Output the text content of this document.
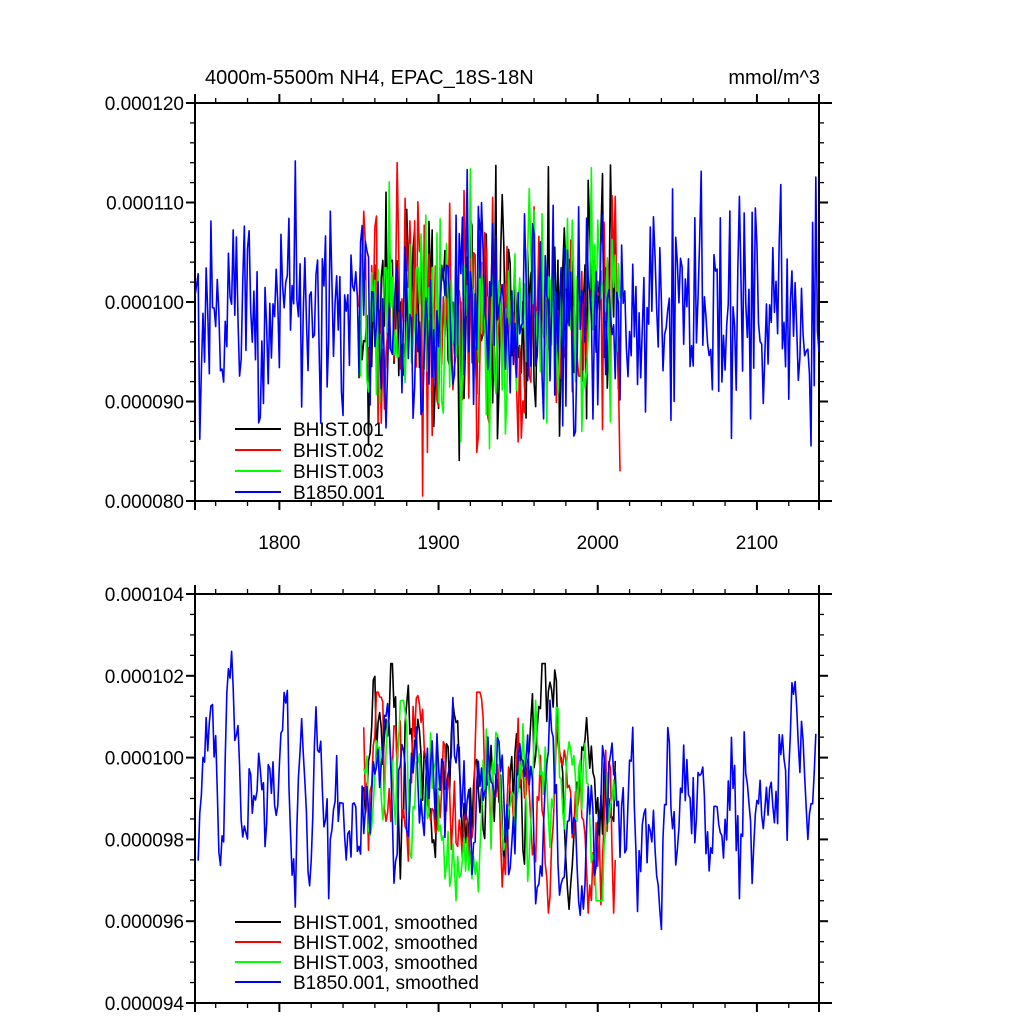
4000m-5500m NH4, EPAC_18S-18N	mmol/m^3
0.000080
0.000090
0.000100
0.000110
0.000120
1800	1900	2000	2100
BHIST.001
BHIST.002
BHIST.003
B1850.001
0.000094
0.000096
0.000098
0.000100
0.000102
0.000104
BHIST.001, smoothed
BHIST.002, smoothed
BHIST.003, smoothed
B1850.001, smoothed
